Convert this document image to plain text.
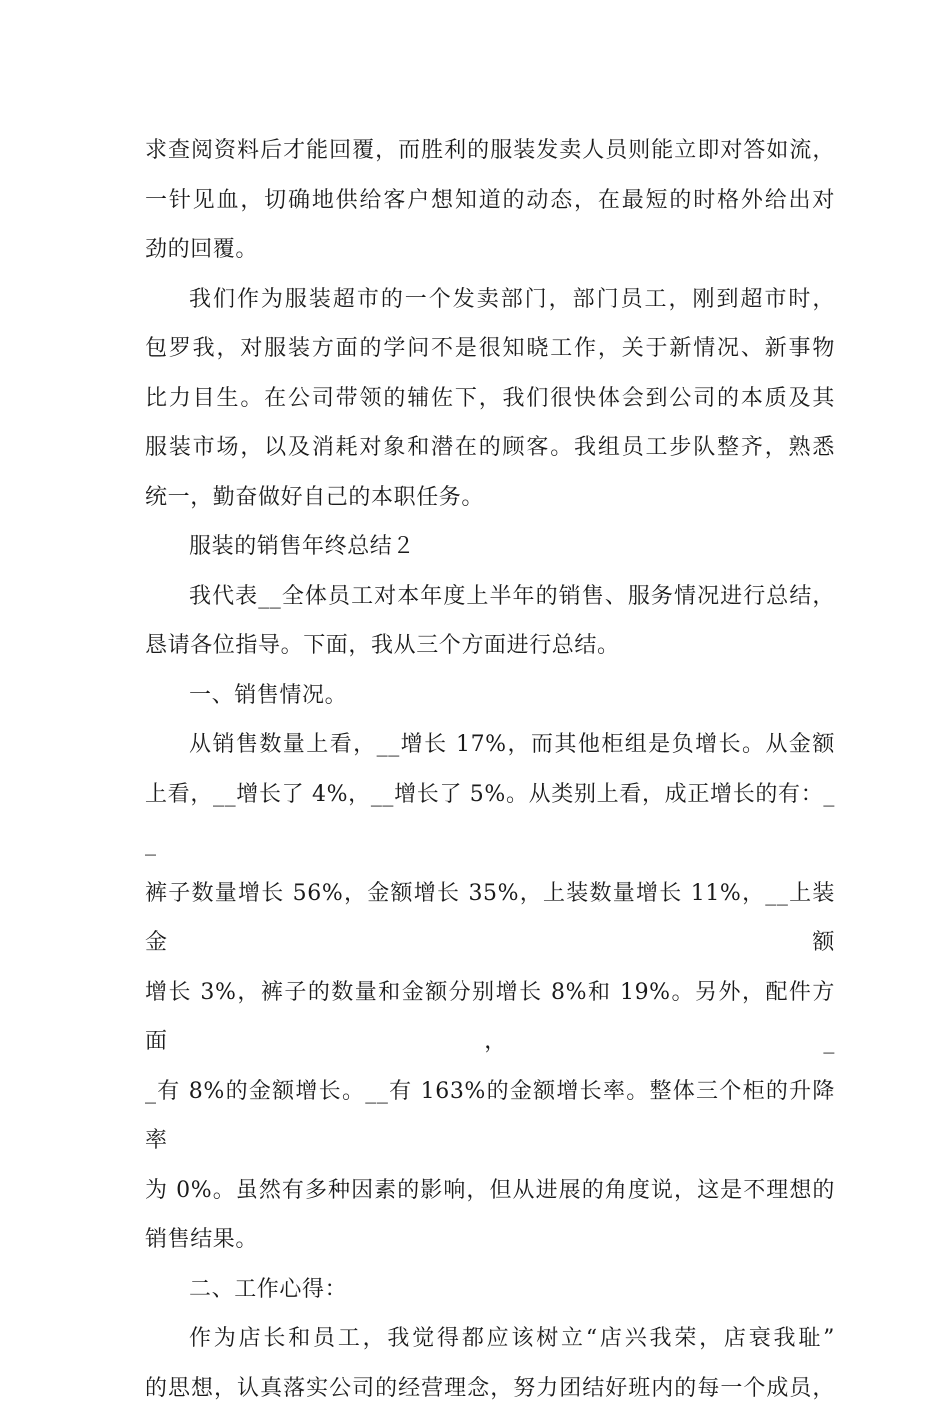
求查阅资料后才能回覆，而胜利的服装发卖人员则能立即对答如流，
一针见血，切确地供给客户想知道的动态，在最短的时格外给出对
劲的回覆。

我们作为服装超市的一个发卖部门，部门员工，刚到超市时，
包罗我，对服装方面的学问不是很知晓工作，关于新情况、新事物
比力目生。在公司带领的辅佐下，我们很快体会到公司的本质及其
服装市场，以及消耗对象和潜在的顾客。我组员工步队整齐，熟悉
统一，勤奋做好自己的本职任务。

服装的销售年终总结２

我代表__全体员工对本年度上半年的销售、服务情况进行总结，
恳请各位指导。下面，我从三个方面进行总结。

一、销售情况。

从销售数量上看，__增长 17%，而其他柜组是负增长。从金额
上看，__增长了 4%，__增长了 5%。从类别上看，成正增长的有：__
裤子数量增长 56%，金额增长 35%，上装数量增长 11%，__上装金额
增长 3%，裤子的数量和金额分别增长 8%和 19%。另外，配件方面，_
_有 8%的金额增长。__有 163%的金额增长率。整体三个柜的升降率
为 0%。虽然有多种因素的影响，但从进展的角度说，这是不理想的
销售结果。

二、工作心得：

作为店长和员工，我觉得都应该树立“店兴我荣，店衰我耻”
的思想，认真落实公司的经营理念，努力团结好班内的每一个成员，
